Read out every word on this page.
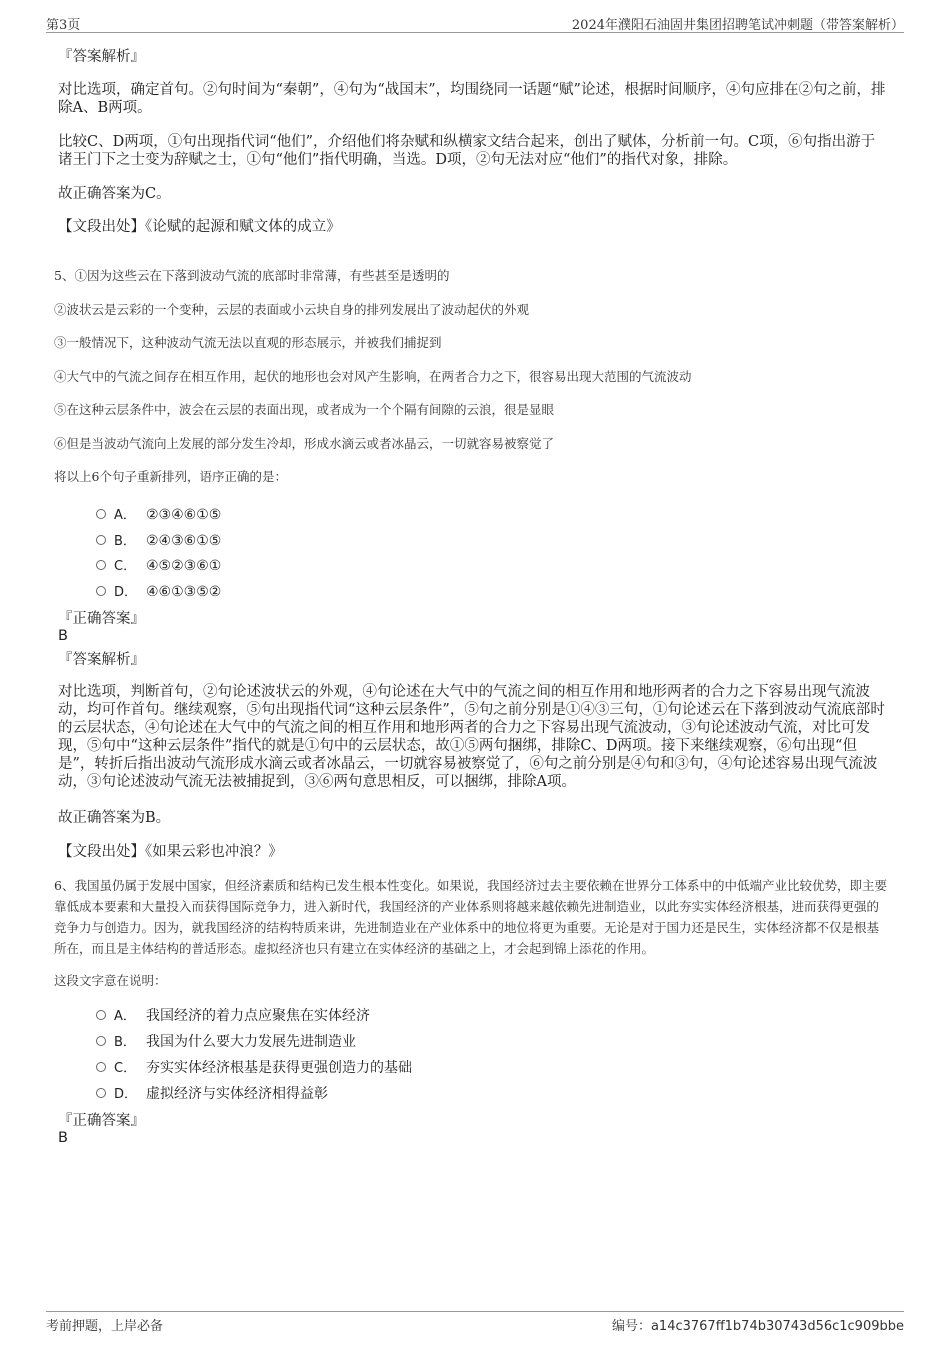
第3页	2024年濮阳石油固井集团招聘笔试冲刺题（带答案解析）
『答案解析』
对比选项，确定首句。②句时间为“秦朝”，④句为“战国末”，均围绕同一话题“赋”论述，根据时间顺序，④句应排在②句之前，排除A、B两项。
比较C、D两项，①句出现指代词“他们”，介绍他们将杂赋和纵横家文结合起来，创出了赋体，分析前一句。C项，⑥句指出游于诸王门下之士变为辞赋之士，①句“他们”指代明确，当选。D项，②句无法对应“他们”的指代对象，排除。
故正确答案为C。
【文段出处】《论赋的起源和赋文体的成立》
5、①因为这些云在下落到波动气流的底部时非常薄，有些甚至是透明的
②波状云是云彩的一个变种，云层的表面或小云块自身的排列发展出了波动起伏的外观
③一般情况下，这种波动气流无法以直观的形态展示，并被我们捕捉到
④大气中的气流之间存在相互作用，起伏的地形也会对风产生影响，在两者合力之下，很容易出现大范围的气流波动
⑤在这种云层条件中，波会在云层的表面出现，或者成为一个个隔有间隙的云浪，很是显眼
⑥但是当波动气流向上发展的部分发生冷却，形成水滴云或者冰晶云，一切就容易被察觉了
将以上6个句子重新排列，语序正确的是：
A． ②③④⑥①⑤
B． ②④③⑥①⑤
C． ④⑤②③⑥①
D． ④⑥①③⑤②
『正确答案』
B
『答案解析』
对比选项，判断首句，②句论述波状云的外观，④句论述在大气中的气流之间的相互作用和地形两者的合力之下容易出现气流波动，均可作首句。继续观察，⑤句出现指代词“这种云层条件”，⑤句之前分别是①④③三句，①句论述云在下落到波动气流底部时的云层状态，④句论述在大气中的气流之间的相互作用和地形两者的合力之下容易出现气流波动，③句论述波动气流，对比可发现，⑤句中“这种云层条件”指代的就是①句中的云层状态，故①⑤两句捆绑，排除C、D两项。接下来继续观察，⑥句出现“但是”，转折后指出波动气流形成水滴云或者冰晶云，一切就容易被察觉了，⑥句之前分别是④句和③句，④句论述容易出现气流波动，③句论述波动气流无法被捕捉到，③⑥两句意思相反，可以捆绑，排除A项。
故正确答案为B。
【文段出处】《如果云彩也冲浪？》
6、我国虽仍属于发展中国家，但经济素质和结构已发生根本性变化。如果说，我国经济过去主要依赖在世界分工体系中的中低端产业比较优势，即主要靠低成本要素和大量投入而获得国际竞争力，进入新时代，我国经济的产业体系则将越来越依赖先进制造业，以此夯实实体经济根基，进而获得更强的竞争力与创造力。因为，就我国经济的结构特质来讲，先进制造业在产业体系中的地位将更为重要。无论是对于国力还是民生，实体经济都不仅是根基所在，而且是主体结构的普适形态。虚拟经济也只有建立在实体经济的基础之上，才会起到锦上添花的作用。
这段文字意在说明：
A． 我国经济的着力点应聚焦在实体经济
B． 我国为什么要大力发展先进制造业
C． 夯实实体经济根基是获得更强创造力的基础
D． 虚拟经济与实体经济相得益彰
『正确答案』
B
考前押题，上岸必备	编号：a14c3767ff1b74b30743d56c1c909bbe
